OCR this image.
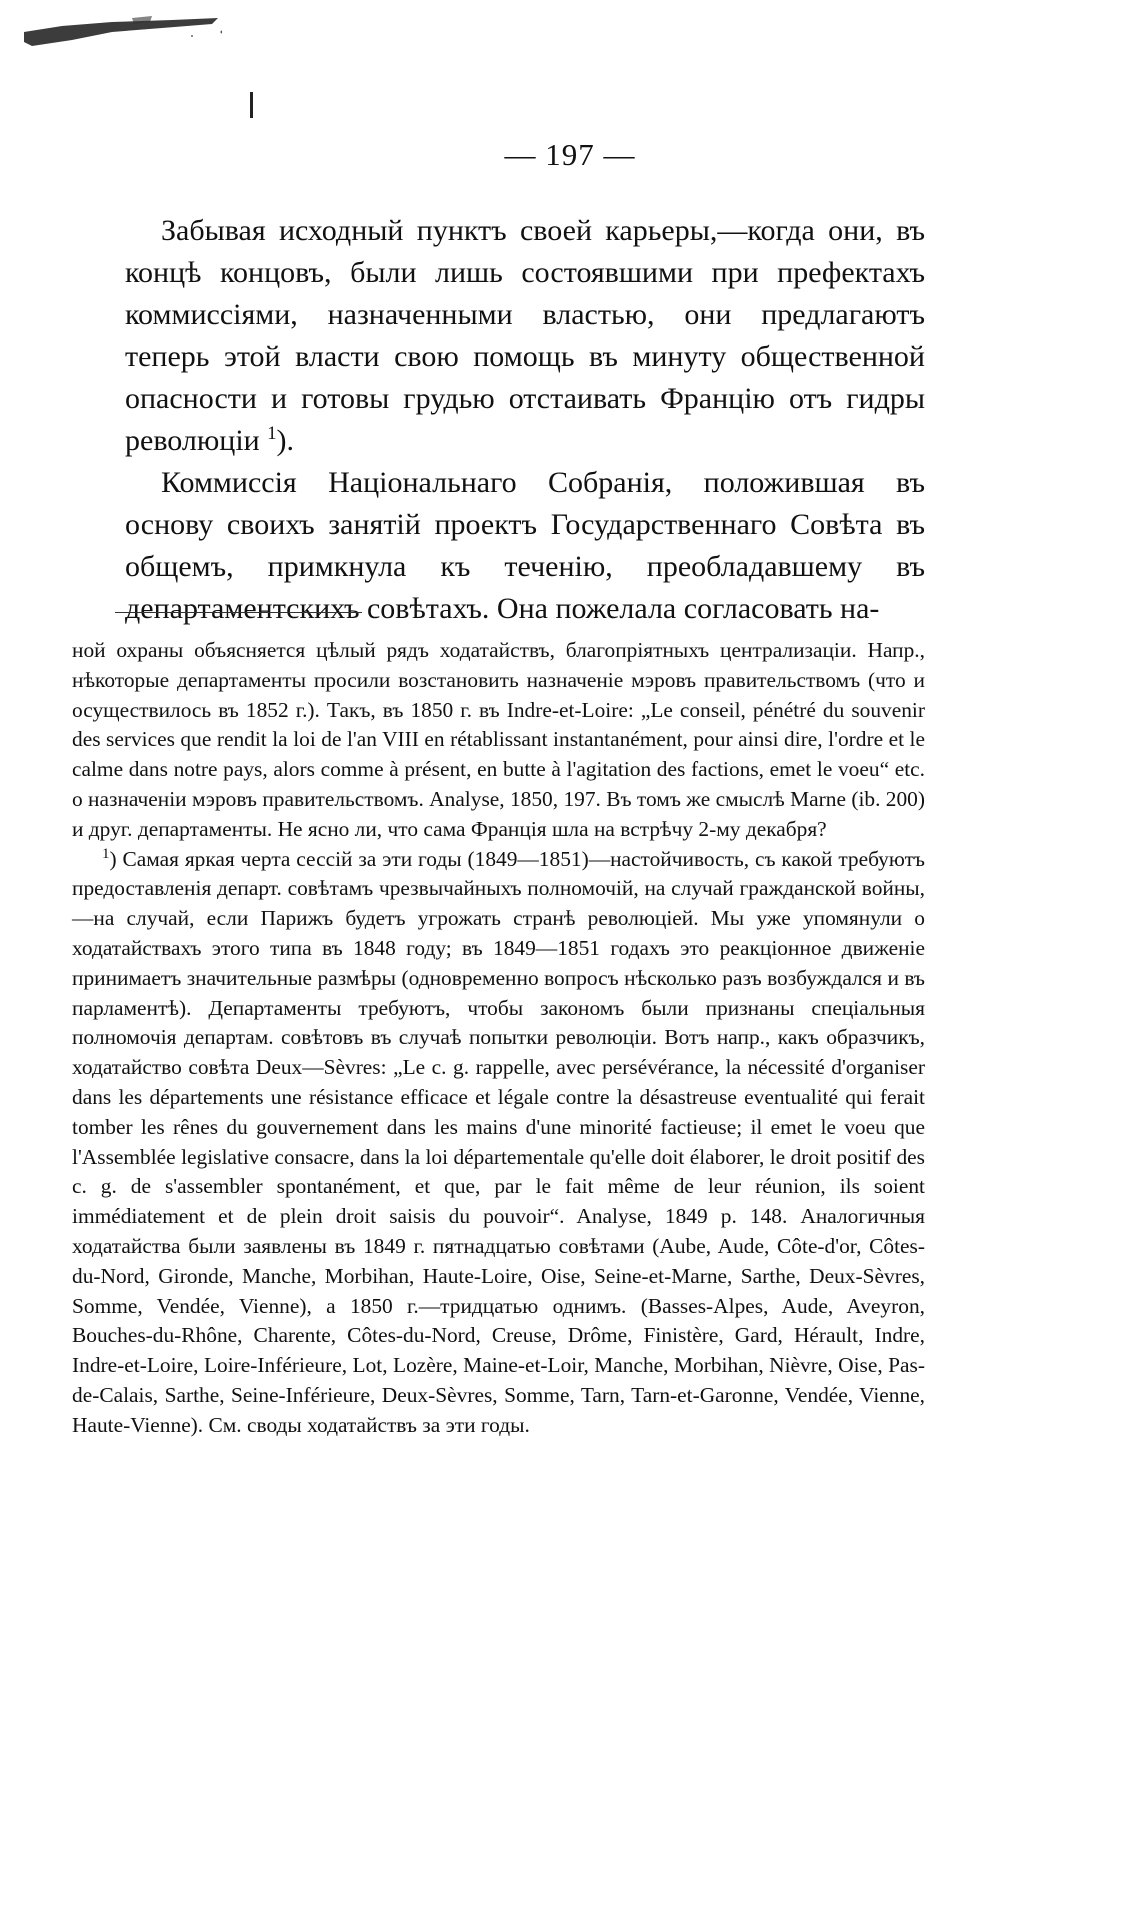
— 197 —

Забывая исходный пунктъ своей карьеры,—когда они, въ концѣ концовъ, были лишь состоявшими при префектахъ коммиссіями, назначенными властью, они предлагаютъ теперь этой власти свою помощь въ минуту общественной опасности и готовы грудью отстаивать Францію отъ гидры революціи $^1$).

Коммиссія Національнаго Собранія, положившая въ основу своихъ занятій проектъ Государственнаго Совѣта въ общемъ, примкнула къ теченію, преобладавшему въ департаментскихъ совѣтахъ. Она пожелала согласовать на-

ной охраны объясняется цѣлый рядъ ходатайствъ, благопріятныхъ централизаціи. Напр., нѣкоторые департаменты просили возстановить назначеніе мэровъ правительствомъ (что и осуществилось въ 1852 г.). Такъ, въ 1850 г. въ Indre-et-Loire: „Le conseil, pénétré du souvenir des services que rendit la loi de l'an VIII en rétablissant instantanément, pour ainsi dire, l'ordre et le calme dans notre pays, alors comme à présent, en butte à l'agitation des factions, emet le voeu“ etc. о назначеніи мэровъ правительствомъ. Analyse, 1850, 197. Въ томъ же смыслѣ Marne (ib. 200) и друг. департаменты. Не ясно ли, что сама Франція шла на встрѣчу 2-му декабря?

$^1$) Самая яркая черта сессій за эти годы (1849—1851)—настойчивость, съ какой требуютъ предоставленія департ. совѣтамъ чрезвычайныхъ полномочій, на случай гражданской войны,—на случай, если Парижъ будетъ угрожать странѣ революціей. Мы уже упомянули о ходатайствахъ этого типа въ 1848 году; въ 1849—1851 годахъ это реакціонное движеніе принимаетъ значительные размѣры (одновременно вопросъ нѣсколько разъ возбуждался и въ парламентѣ). Департаменты требуютъ, чтобы закономъ были признаны спеціальныя полномочія департам. совѣтовъ въ случаѣ попытки революціи. Вотъ напр., какъ образчикъ, ходатайство совѣта Deux—Sèvres: „Le c. g. rappelle, avec persévérance, la nécessité d'organiser dans les départements une résistance efficace et légale contre la désastreuse eventualité qui ferait tomber les rênes du gouvernement dans les mains d'une minorité factieuse; il emet le voeu que l'Assemblée legislative consacre, dans la loi départementale qu'elle doit élaborer, le droit positif des c. g. de s'assembler spontanément, et que, par le fait même de leur réunion, ils soient immédiatement et de plein droit saisis du pouvoir“. Analyse, 1849 p. 148. Аналогичныя ходатайства были заявлены въ 1849 г. пятнадцатью совѣтами (Aube, Aude, Côte-d'or, Côtes-du-Nord, Gironde, Manche, Morbihan, Haute-Loire, Oise, Seine-et-Marne, Sarthe, Deux-Sèvres, Somme, Vendée, Vienne), а 1850 г.—тридцатью однимъ. (Basses-Alpes, Aude, Aveyron, Bouches-du-Rhône, Charente, Côtes-du-Nord, Creuse, Drôme, Finistère, Gard, Hérault, Indre, Indre-et-Loire, Loire-Inférieure, Lot, Lozère, Maine-et-Loir, Manche, Morbihan, Nièvre, Oise, Pas-de-Calais, Sarthe, Seine-Inférieure, Deux-Sèvres, Somme, Tarn, Tarn-et-Garonne, Vendée, Vienne, Haute-Vienne). См. своды ходатайствъ за эти годы.
